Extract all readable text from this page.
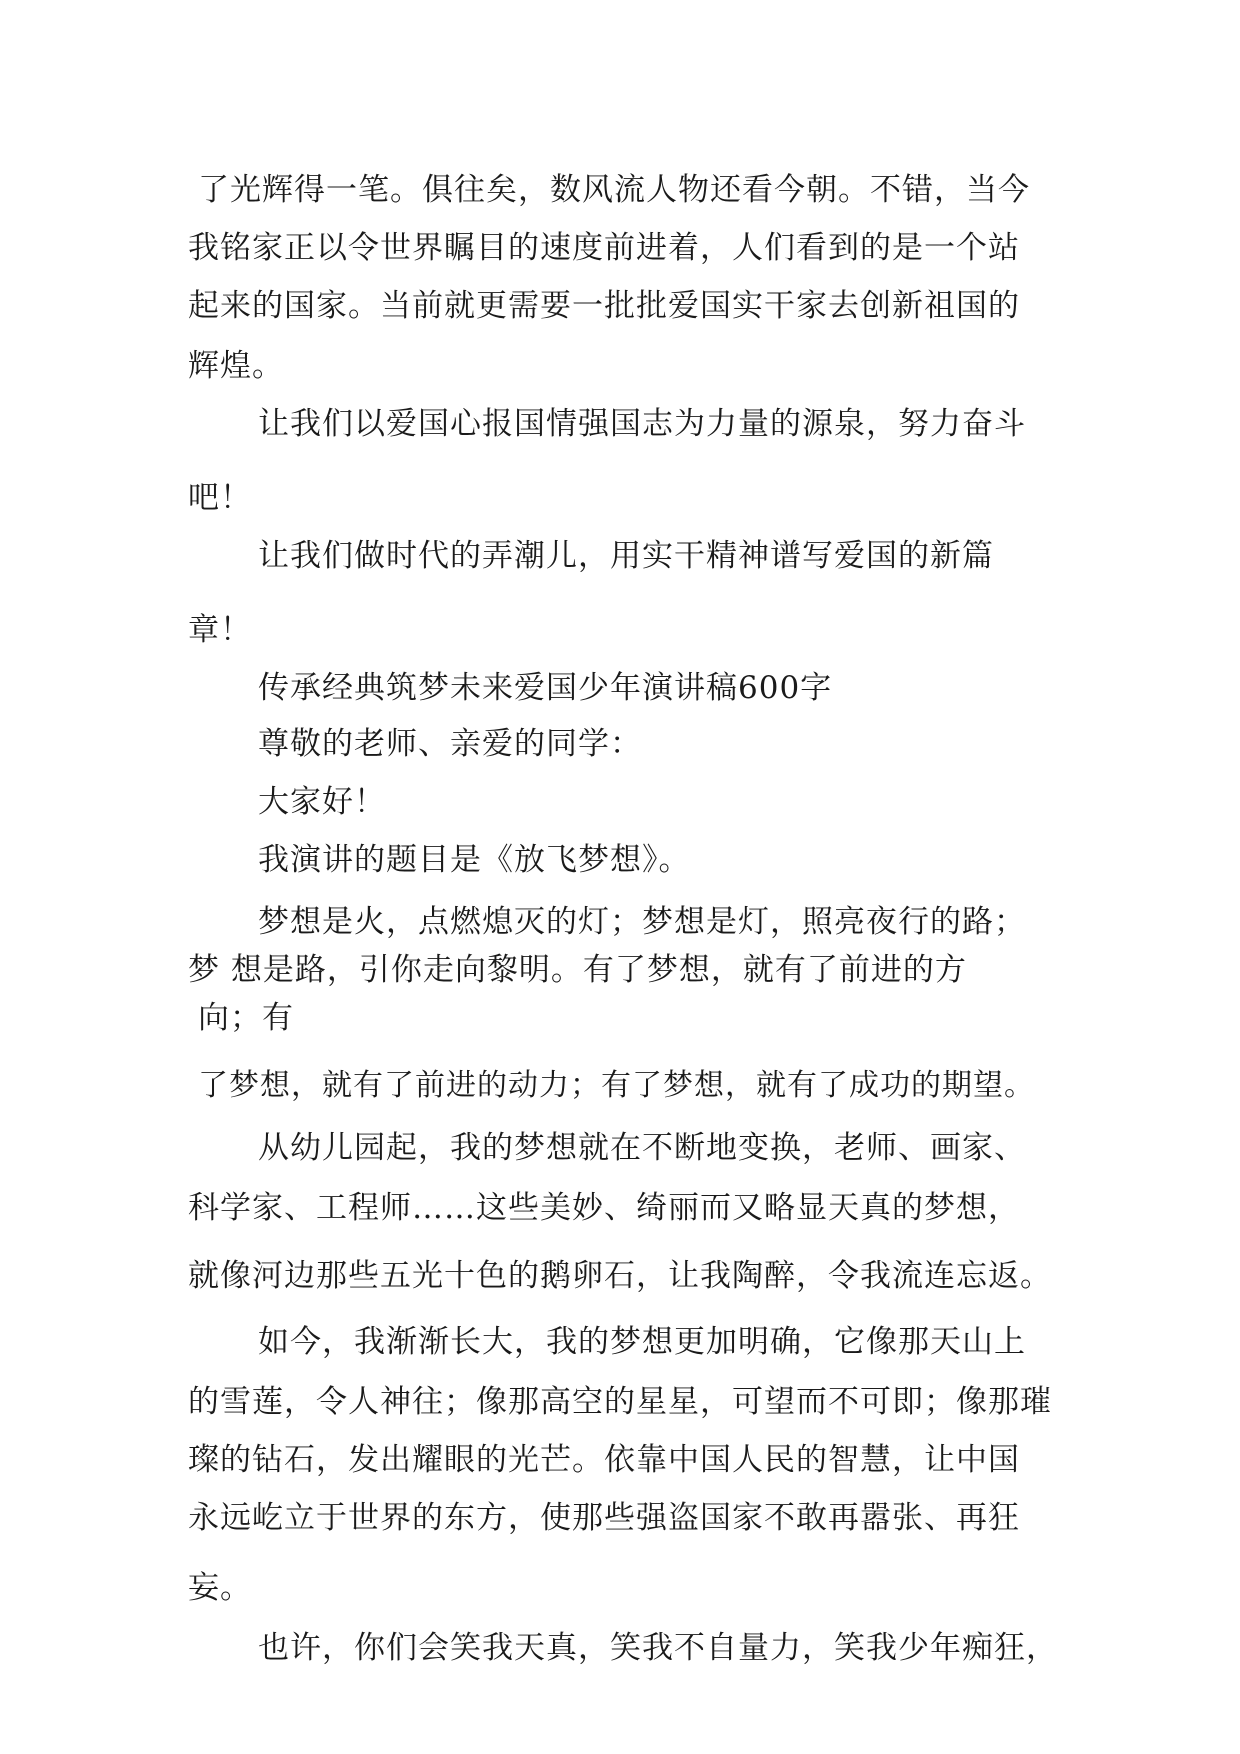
了光辉得一笔。俱往矣，数风流人物还看今朝。不错，当今
我铭家正以令世界瞩目的速度前进着，人们看到的是一个站
起来的国家。当前就更需要一批批爱国实干家去创新祖国的
辉煌。
让我们以爱国心报国情强国志为力量的源泉，努力奋斗
吧！
让我们做时代的弄潮儿，用实干精神谱写爱国的新篇
章！
传承经典筑梦未来爱国少年演讲稿600字
尊敬的老师、亲爱的同学：
大家好！
我演讲的题目是《放飞梦想》。
梦想是火，点燃熄灭的灯；梦想是灯，照亮夜行的路；
梦 想是路，引你走向黎明。有了梦想，就有了前进的方
向；有
了梦想，就有了前进的动力；有了梦想，就有了成功的期望。
从幼儿园起，我的梦想就在不断地变换，老师、画家、
科学家、工程师……这些美妙、绮丽而又略显天真的梦想，
就像河边那些五光十色的鹅卵石，让我陶醉，令我流连忘返。
如今，我渐渐长大，我的梦想更加明确，它像那天山上
的雪莲，令人神往；像那高空的星星，可望而不可即；像那璀
璨的钻石，发出耀眼的光芒。依靠中国人民的智慧，让中国
永远屹立于世界的东方，使那些强盗国家不敢再嚣张、再狂
妄。
也许，你们会笑我天真，笑我不自量力，笑我少年痴狂，
